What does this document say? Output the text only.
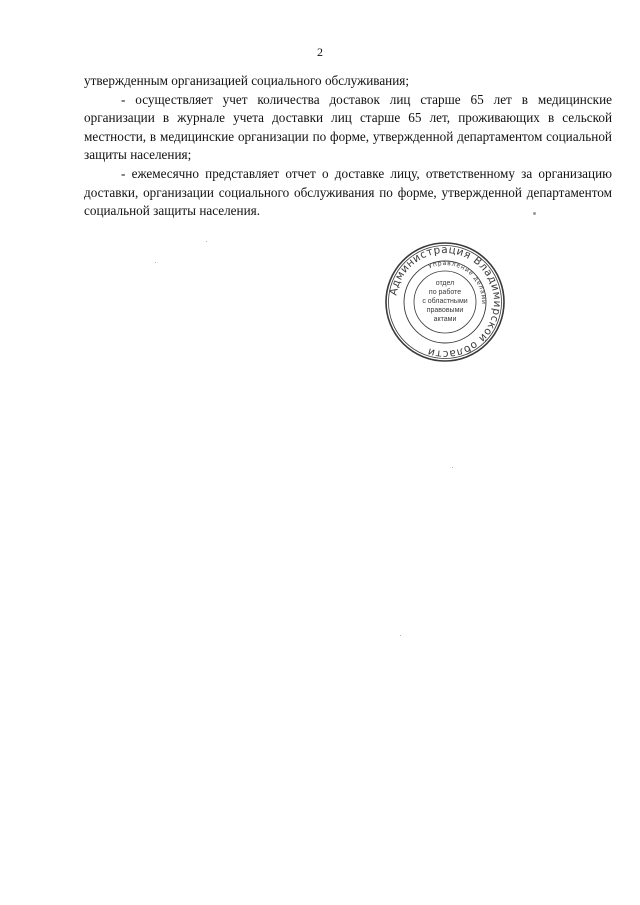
2

утвержденным организацией социального обслуживания;

- осуществляет учет количества доставок лиц старше 65 лет в медицинские организации в журнале учета доставки лиц старше 65 лет, проживающих в сельской местности, в медицинские организации по форме, утвержденной департаментом социальной защиты населения;

- ежемесячно представляет отчет о доставке лицу, ответственному за организацию доставки, организации социального обслуживания по форме, утвержденной департаментом социальной защиты населения.

Администрация Владимирской области
Управление делами
отдел
по работе
с областными
правовыми
актами
